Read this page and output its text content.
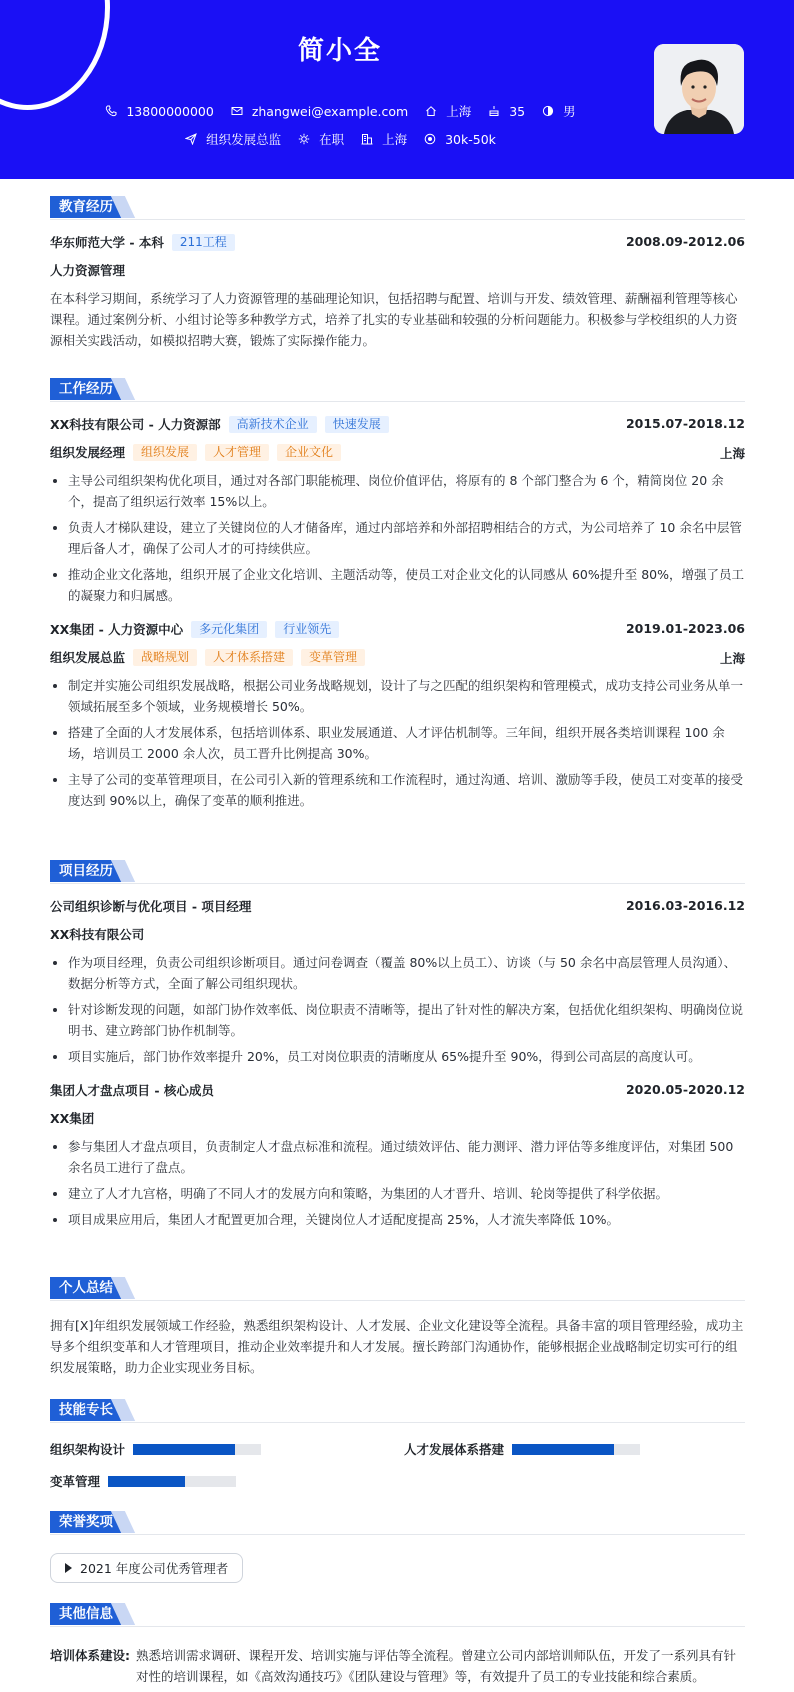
简小全
13800000000	zhangwei@example.com	上海	35	男
组织发展总监	在职	上海	30k-50k
教育经历
华东师范大学 - 本科	211工程	2008.09-2012.06
人力资源管理
在本科学习期间，系统学习了人力资源管理的基础理论知识，包括招聘与配置、培训与开发、绩效管理、薪酬福利管理等核心课程。通过案例分析、小组讨论等多种教学方式，培养了扎实的专业基础和较强的分析问题能力。积极参与学校组织的人力资源相关实践活动，如模拟招聘大赛，锻炼了实际操作能力。
工作经历
XX科技有限公司 - 人力资源部	高新技术企业	快速发展	2015.07-2018.12
组织发展经理	组织发展	人才管理	企业文化	上海
主导公司组织架构优化项目，通过对各部门职能梳理、岗位价值评估，将原有的 8 个部门整合为 6 个，精简岗位 20 余个，提高了组织运行效率 15%以上。
负责人才梯队建设，建立了关键岗位的人才储备库，通过内部培养和外部招聘相结合的方式，为公司培养了 10 余名中层管理后备人才，确保了公司人才的可持续供应。
推动企业文化落地，组织开展了企业文化培训、主题活动等，使员工对企业文化的认同感从 60%提升至 80%，增强了员工的凝聚力和归属感。
XX集团 - 人力资源中心	多元化集团	行业领先	2019.01-2023.06
组织发展总监	战略规划	人才体系搭建	变革管理	上海
制定并实施公司组织发展战略，根据公司业务战略规划，设计了与之匹配的组织架构和管理模式，成功支持公司业务从单一领域拓展至多个领域，业务规模增长 50%。
搭建了全面的人才发展体系，包括培训体系、职业发展通道、人才评估机制等。三年间，组织开展各类培训课程 100 余场，培训员工 2000 余人次，员工晋升比例提高 30%。
主导了公司的变革管理项目，在公司引入新的管理系统和工作流程时，通过沟通、培训、激励等手段，使员工对变革的接受度达到 90%以上，确保了变革的顺利推进。
项目经历
公司组织诊断与优化项目 - 项目经理	2016.03-2016.12
XX科技有限公司
作为项目经理，负责公司组织诊断项目。通过问卷调查（覆盖 80%以上员工）、访谈（与 50 余名中高层管理人员沟通）、数据分析等方式，全面了解公司组织现状。
针对诊断发现的问题，如部门协作效率低、岗位职责不清晰等，提出了针对性的解决方案，包括优化组织架构、明确岗位说明书、建立跨部门协作机制等。
项目实施后，部门协作效率提升 20%，员工对岗位职责的清晰度从 65%提升至 90%，得到公司高层的高度认可。
集团人才盘点项目 - 核心成员	2020.05-2020.12
XX集团
参与集团人才盘点项目，负责制定人才盘点标准和流程。通过绩效评估、能力测评、潜力评估等多维度评估，对集团 500 余名员工进行了盘点。
建立了人才九宫格，明确了不同人才的发展方向和策略，为集团的人才晋升、培训、轮岗等提供了科学依据。
项目成果应用后，集团人才配置更加合理，关键岗位人才适配度提高 25%，人才流失率降低 10%。
个人总结
拥有[X]年组织发展领域工作经验，熟悉组织架构设计、人才发展、企业文化建设等全流程。具备丰富的项目管理经验，成功主导多个组织变革和人才管理项目，推动企业效率提升和人才发展。擅长跨部门沟通协作，能够根据企业战略制定切实可行的组织发展策略，助力企业实现业务目标。
技能专长
组织架构设计	人才发展体系搭建
变革管理
荣誉奖项
2021 年度公司优秀管理者
其他信息
培训体系建设: 熟悉培训需求调研、课程开发、培训实施与评估等全流程。曾建立公司内部培训师队伍，开发了一系列具有针对性的培训课程，如《高效沟通技巧》《团队建设与管理》等，有效提升了员工的专业技能和综合素质。
